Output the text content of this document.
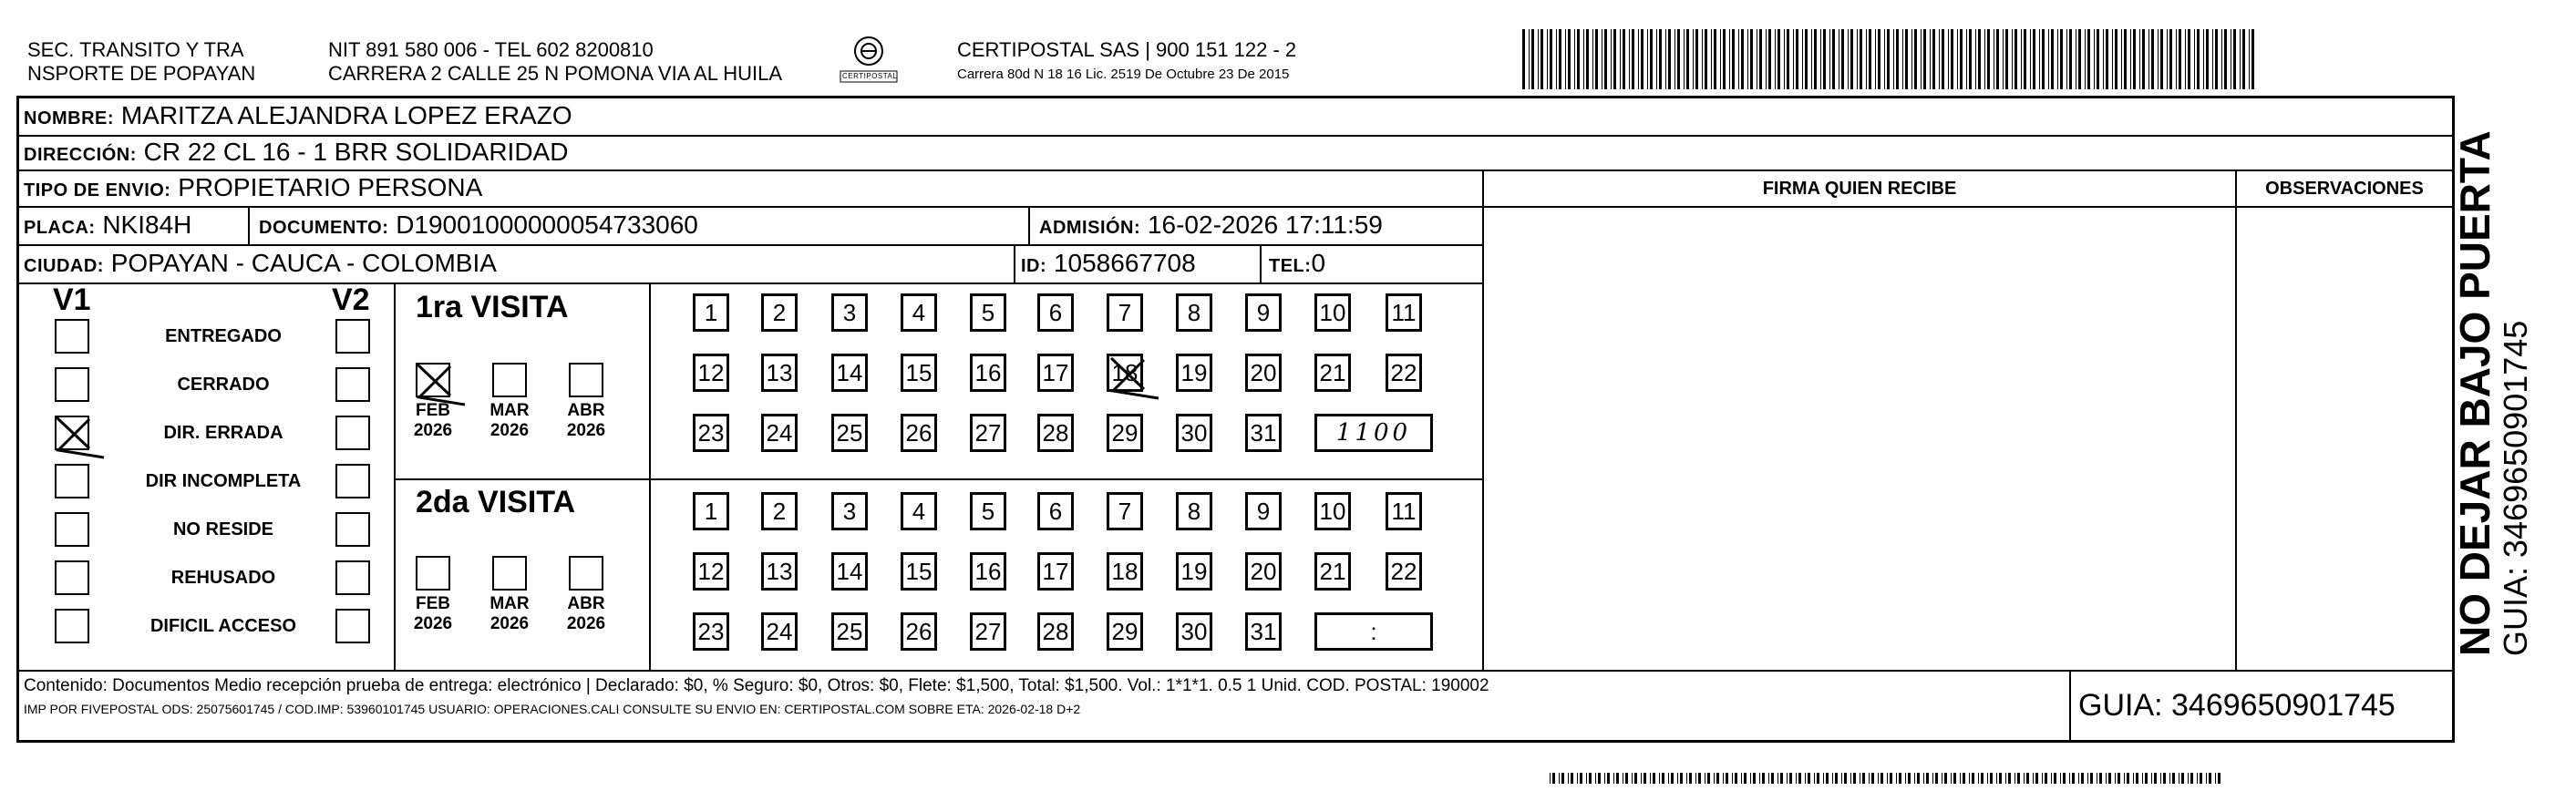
SEC. TRANSITO Y TRA
NSPORTE DE POPAYAN
NIT 891 580 006 - TEL 602 8200810
CARRERA 2 CALLE 25 N POMONA VIA AL HUILA	CERTIPOSTAL
CERTIPOSTAL SAS | 900 151 122 - 2
Carrera 80d N 18 16 Lic. 2519 De Octubre 23 De 2015
NOMBRE: MARITZA ALEJANDRA LOPEZ ERAZO
DIRECCIÓN: CR 22 CL 16 - 1 BRR SOLIDARIDAD
TIPO DE ENVIO: PROPIETARIO PERSONA
PLACA: NKI84H	DOCUMENTO: D19001000000054733060	ADMISIÓN: 16-02-2026 17:11:59
CIUDAD: POPAYAN - CAUCA - COLOMBIA	ID: 1058667708	TEL:0
FIRMA QUIEN RECIBE	OBSERVACIONES
V1	V2
ENTREGADO
CERRADO
DIR. ERRADA
DIR INCOMPLETA
NO RESIDE
REHUSADO
DIFICIL ACCESO
1ra VISITA
2da VISITA
FEB
2026
MAR
2026
ABR
2026
FEB
2026
MAR
2026
ABR
2026
1	2	3	4	5	6	7	8	9	10 11
12 13 14 15 16 17 18 19 20 21 22
23 24 25 26 27 28 29 30 31	1100
1	2	3	4	5	6	7	8	9	10 11
12 13 14 15 16 17 18 19 20 21 22
23 24 25 26 27 28 29 30 31	:
Contenido: Documentos Medio recepción prueba de entrega: electrónico | Declarado: $0, % Seguro: $0, Otros: $0, Flete: $1,500, Total: $1,500. Vol.: 1*1*1. 0.5 1 Unid. COD. POSTAL: 190002
IMP POR FIVEPOSTAL ODS: 25075601745 / COD.IMP: 53960101745 USUARIO: OPERACIONES.CALI CONSULTE SU ENVIO EN: CERTIPOSTAL.COM SOBRE ETA: 2026-02-18 D+2	GUIA: 3469650901745
NO DEJAR BAJO PUERTA
GUIA: 3469650901745
